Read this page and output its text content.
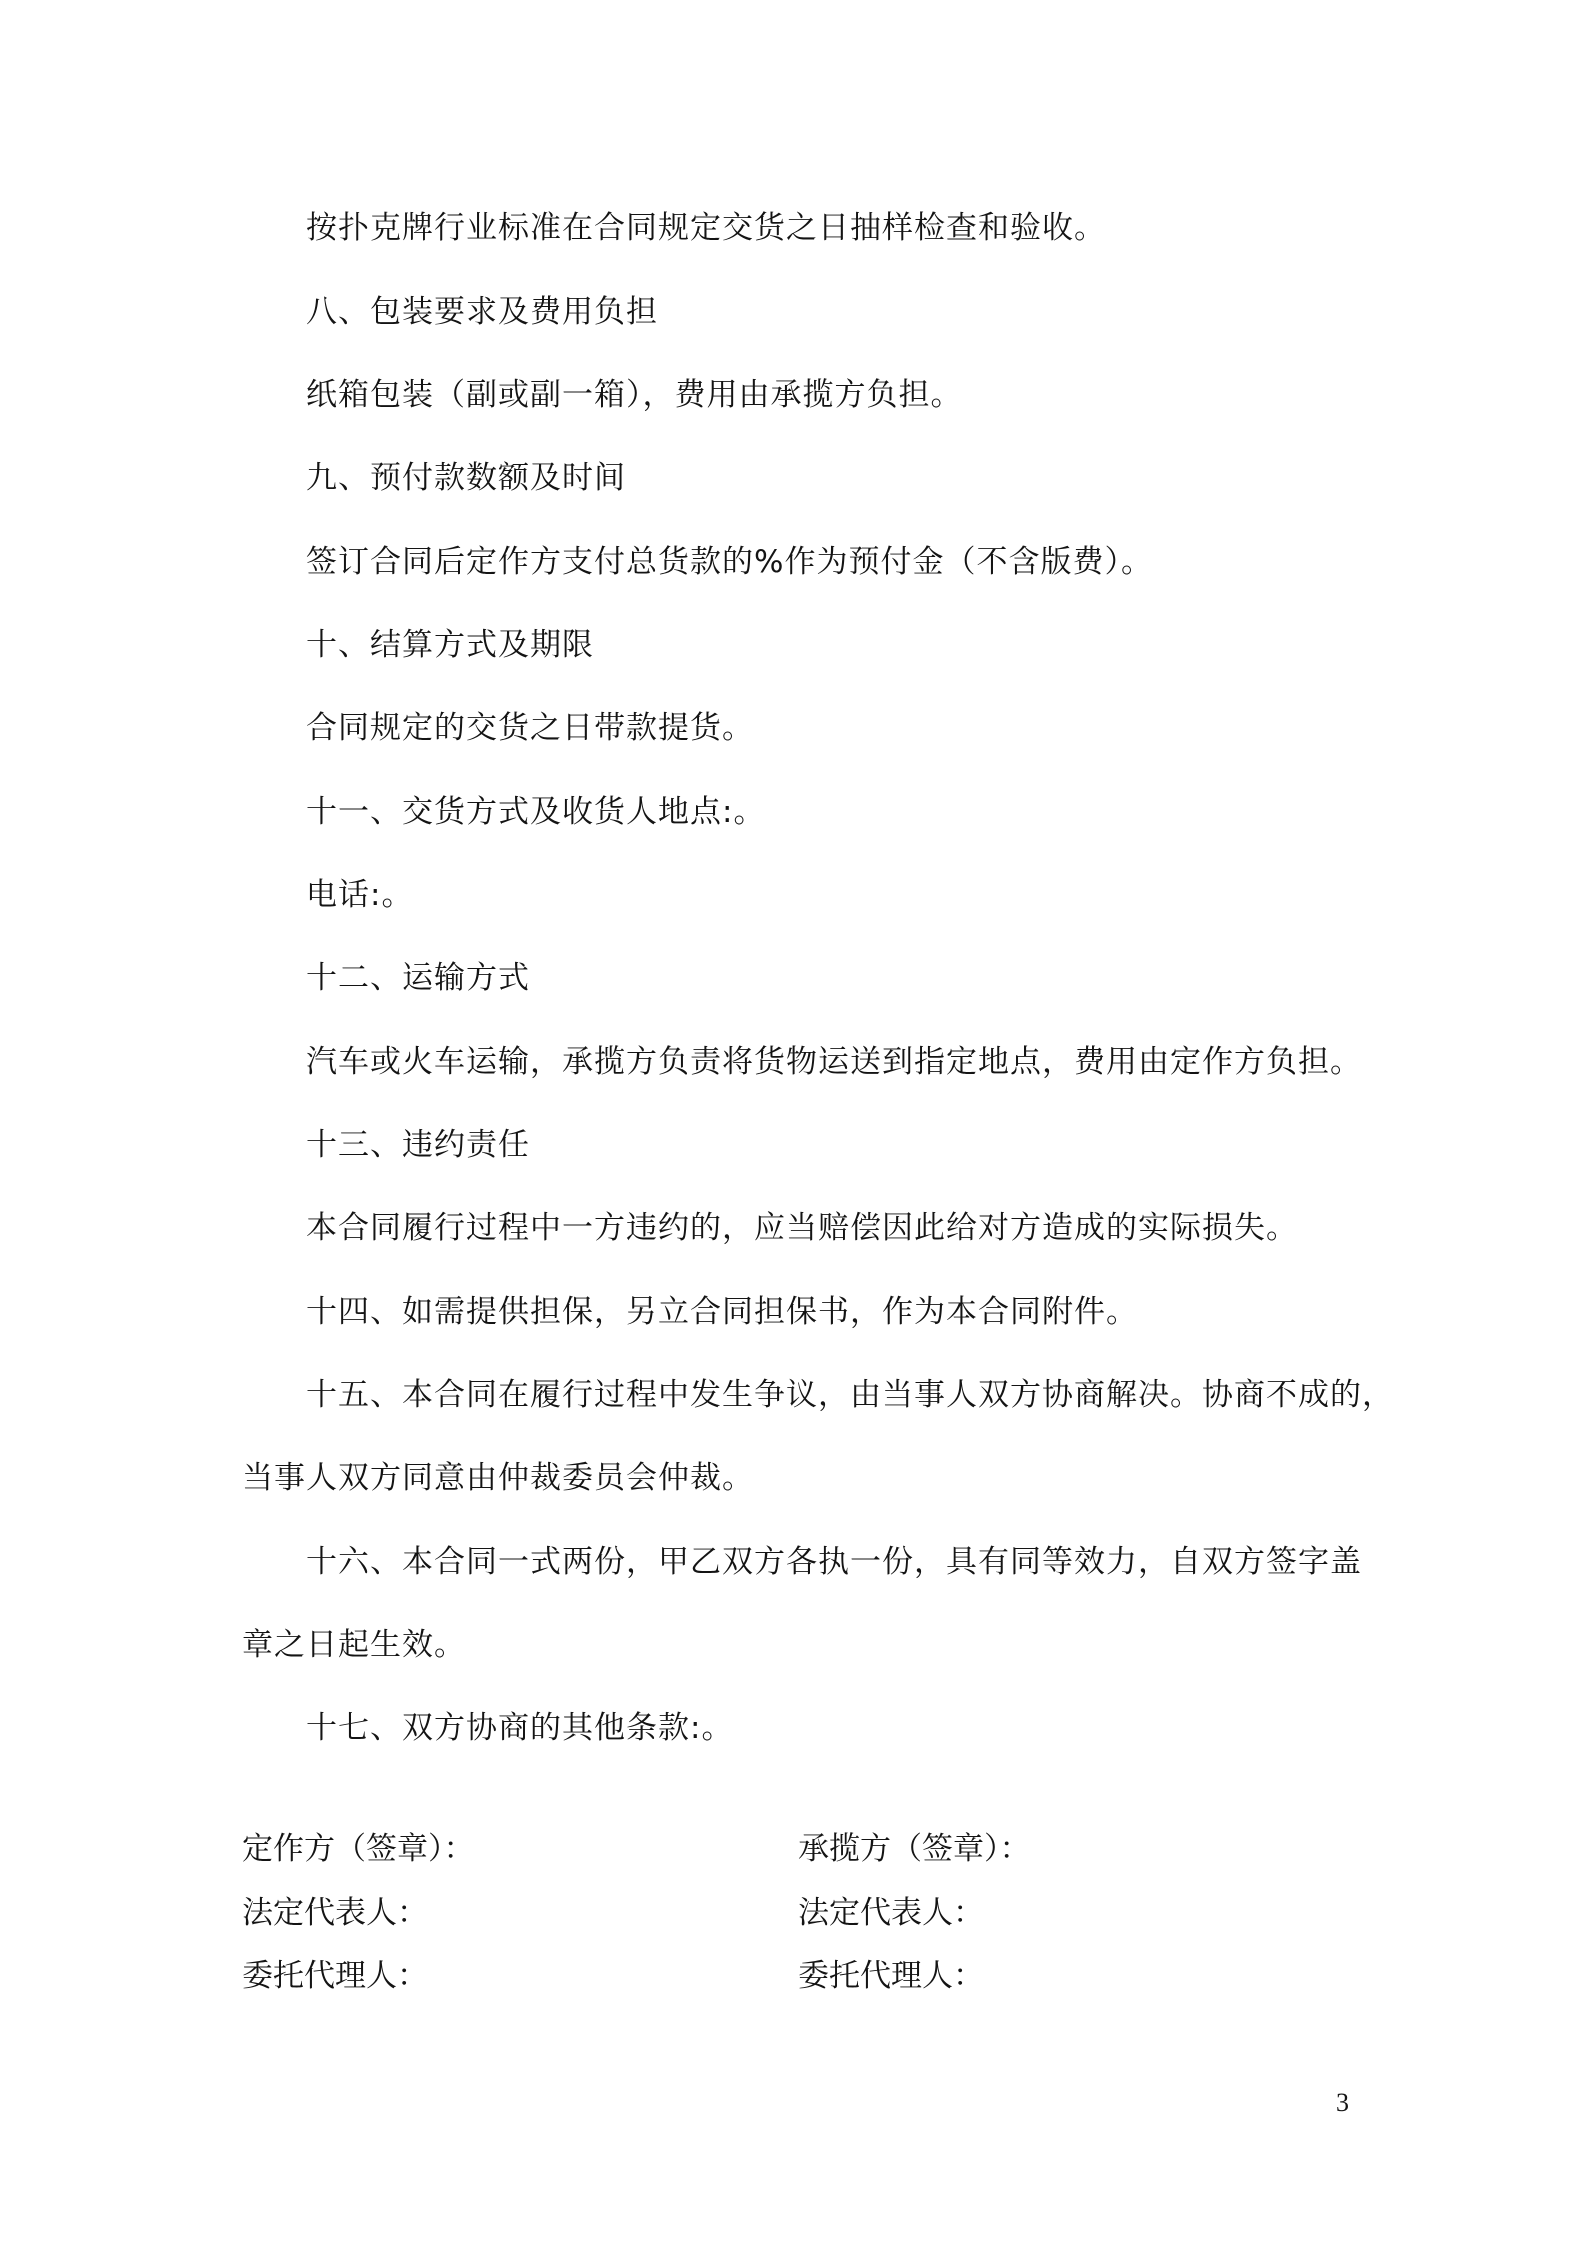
按扑克牌行业标准在合同规定交货之日抽样检查和验收。
八、包装要求及费用负担
纸箱包装（副或副一箱），费用由承揽方负担。
九、预付款数额及时间
签订合同后定作方支付总货款的%作为预付金（不含版费）。
十、结算方式及期限
合同规定的交货之日带款提货。
十一、交货方式及收货人地点:。
电话:。
十二、运输方式
汽车或火车运输，承揽方负责将货物运送到指定地点，费用由定作方负担。
十三、违约责任
本合同履行过程中一方违约的，应当赔偿因此给对方造成的实际损失。
十四、如需提供担保，另立合同担保书，作为本合同附件。
十五、本合同在履行过程中发生争议，由当事人双方协商解决。协商不成的，
当事人双方同意由仲裁委员会仲裁。
十六、本合同一式两份，甲乙双方各执一份，具有同等效力，自双方签字盖
章之日起生效。
十七、双方协商的其他条款:。
定作方（签章）：	承揽方（签章）：
法定代表人：	法定代表人：
委托代理人：	委托代理人：
3
